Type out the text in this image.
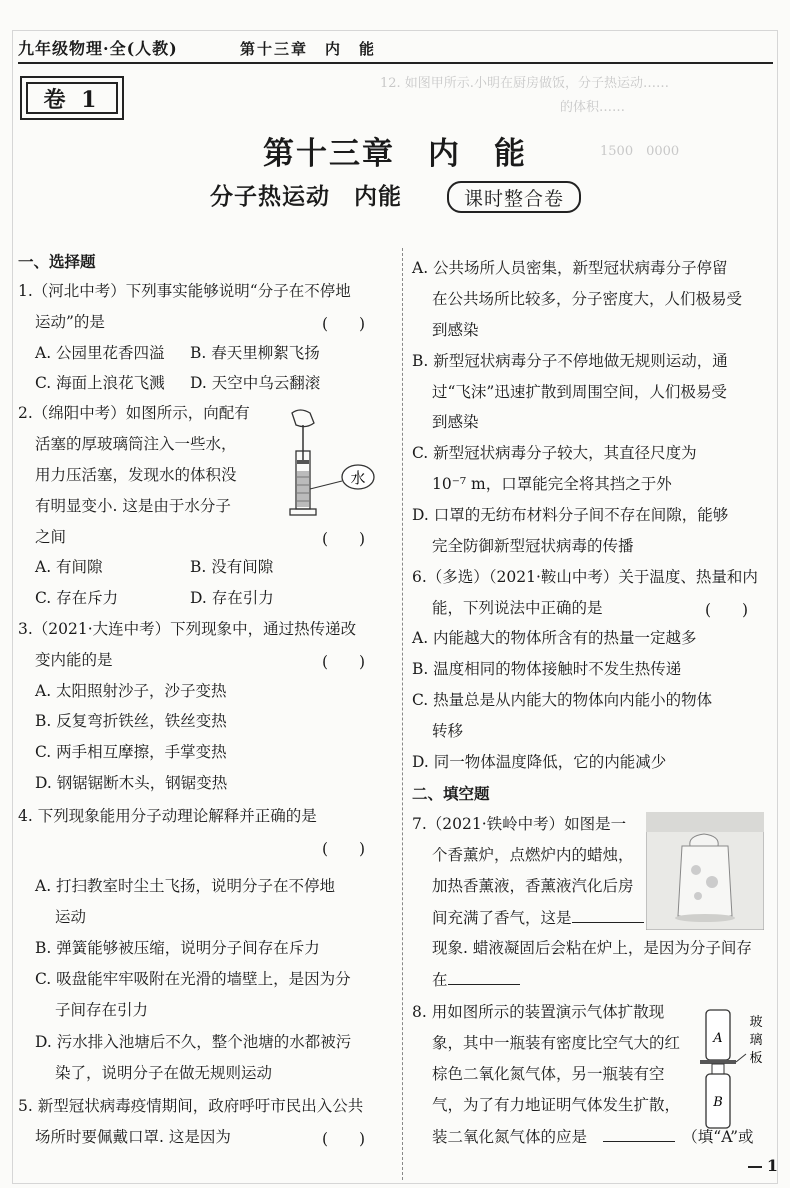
12. 如图甲所示.小明在厨房做饭，分子热运动……
的体积……
1500　0000
九年级物理·全(人教)	第十三章　内　能
卷 1
第十三章　内　能
分子热运动　内能	课时整合卷
一、选择题
1.（河北中考）下列事实能够说明“分子在不停地
运动”的是	(　　)
A. 公园里花香四溢 B. 春天里柳絮飞扬
C. 海面上浪花飞溅 D. 天空中乌云翻滚
2.（绵阳中考）如图所示，向配有
活塞的厚玻璃筒注入一些水，
用力压活塞，发现水的体积没
有明显变小. 这是由于水分子
之间	(　　)
水
A. 有间隙	B. 没有间隙
C. 存在斥力	D. 存在引力
3.（2021·大连中考）下列现象中，通过热传递改
变内能的是	(　　)
A. 太阳照射沙子，沙子变热
B. 反复弯折铁丝，铁丝变热
C. 两手相互摩擦，手掌变热
D. 钢锯锯断木头，钢锯变热
4. 下列现象能用分子动理论解释并正确的是
(　　)
A. 打扫教室时尘土飞扬，说明分子在不停地
运动
B. 弹簧能够被压缩，说明分子间存在斥力
C. 吸盘能牢牢吸附在光滑的墙壁上，是因为分
子间存在引力
D. 污水排入池塘后不久，整个池塘的水都被污
染了，说明分子在做无规则运动
5. 新型冠状病毒疫情期间，政府呼吁市民出入公共
场所时要佩戴口罩. 这是因为	(　　)
A. 公共场所人员密集，新型冠状病毒分子停留
在公共场所比较多，分子密度大，人们极易受
到感染
B. 新型冠状病毒分子不停地做无规则运动，通
过“飞沫”迅速扩散到周围空间，人们极易受
到感染
C. 新型冠状病毒分子较大，其直径尺度为
10⁻⁷ m，口罩能完全将其挡之于外
D. 口罩的无纺布材料分子间不存在间隙，能够
完全防御新型冠状病毒的传播
6.（多选）（2021·鞍山中考）关于温度、热量和内
能，下列说法中正确的是	(　　)
A. 内能越大的物体所含有的热量一定越多
B. 温度相同的物体接触时不发生热传递
C. 热量总是从内能大的物体向内能小的物体
转移
D. 同一物体温度降低，它的内能减少
二、填空题
7.（2021·铁岭中考）如图是一
个香薰炉，点燃炉内的蜡烛，
加热香薰液，香薰液汽化后房
间充满了香气，这是
现象. 蜡液凝固后会粘在炉上，是因为分子间存
在
8. 用如图所示的装置演示气体扩散现
象，其中一瓶装有密度比空气大的红
棕色二氧化氮气体，另一瓶装有空
气，为了有力地证明气体发生扩散，
装二氧化氮气体的应是　　	（填“A”或
A
B
玻
璃
板
1
